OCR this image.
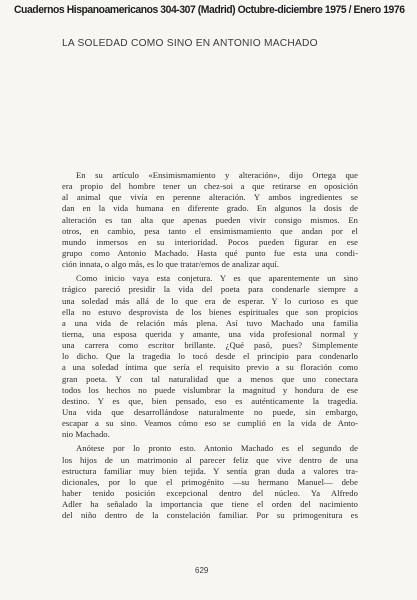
Cuadernos Hispanoamericanos 304-307 (Madrid) Octubre-diciembre 1975 / Enero 1976
LA SOLEDAD COMO SINO EN ANTONIO MACHADO
En su artículo «Ensimismamiento y alteración», dijo Ortega que
era propio del hombre tener un chez-soi a que retirarse en oposición
al animal que vivía en perenne alteración. Y ambos ingredientes se
dan en la vida humana en diferente grado. En algunos la dosis de
alteración es tan alta que apenas pueden vivir consigo mismos. En
otros, en cambio, pesa tanto el ensimismamiento que andan por el
mundo inmersos en su interioridad. Pocos pueden figurar en ese
grupo como Antonio Machado. Hasta qué punto fue esta una condi-
ción innata, o algo más, es lo que tratar/emos de analizar aquí.
Como inicio vaya esta conjetura. Y es que aparentemente un sino
trágico pareció presidir la vida del poeta para condenarle siempre a
una soledad más allá de lo que era de esperar. Y lo curioso es que
ella no estuvo desprovista de los bienes espirituales que son propicios
a una vida de relación más plena. Así tuvo Machado una familia
tierna, una esposa querida y amante, una vida profesional normal y
una carrera como escritor brillante. ¿Qué pasó, pues? Simplemente
lo dicho. Que la tragedia lo tocó desde el principio para condenarlo
a una soledad íntima que sería el requisito previo a su floración como
gran poeta. Y con tal naturalidad que a menos que uno conectara
todos los hechos no puede vislumbrar la magnitud y hondura de ese
destino. Y es que, bien pensado, eso es auténticamente la tragedia.
Una vida que desarrollándose naturalmente no puede, sin embargo,
escapar a su sino. Veamos cómo eso se cumplió en la vida de Anto-
nio Machado.
Anótese por lo pronto esto. Antonio Machado es el segundo de
los hijos de un matrimonio al parecer feliz que vive dentro de una
estructura familiar muy bien tejida. Y sentía gran duda a valores tra-
dicionales, por lo que el primogénito —su hermano Manuel— debe
haber tenido posición excepcional dentro del núcleo. Ya Alfredo
Adler ha señalado la importancia que tiene el orden del nacimiento
del niño dentro de la constelación familiar. Por su primogenitura es
629
